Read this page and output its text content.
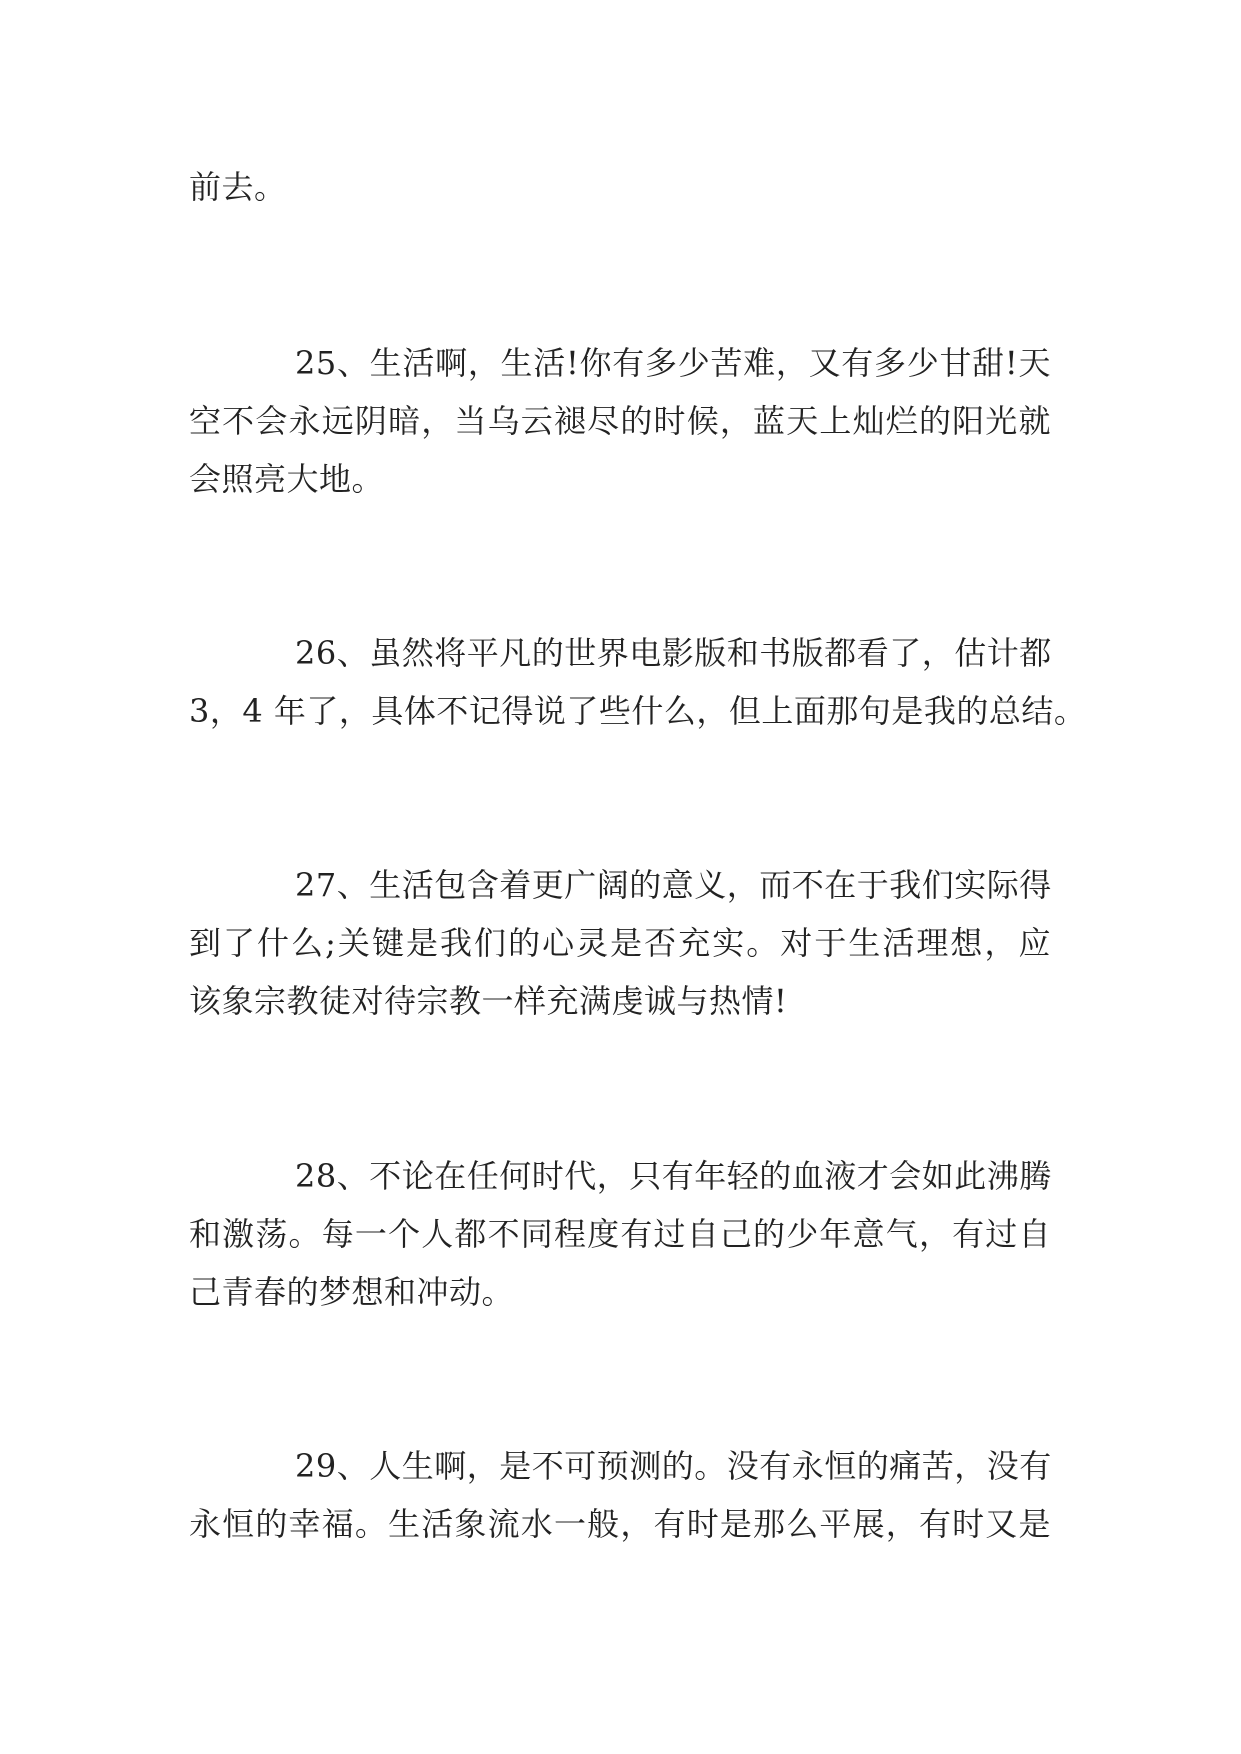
前去。
25、生活啊，生活!你有多少苦难，又有多少甘甜!天
空不会永远阴暗，当乌云褪尽的时候，蓝天上灿烂的阳光就
会照亮大地。
26、虽然将平凡的世界电影版和书版都看了，估计都
3，4 年了，具体不记得说了些什么，但上面那句是我的总结。
27、生活包含着更广阔的意义，而不在于我们实际得
到了什么;关键是我们的心灵是否充实。对于生活理想，应
该象宗教徒对待宗教一样充满虔诚与热情!
28、不论在任何时代，只有年轻的血液才会如此沸腾
和激荡。每一个人都不同程度有过自己的少年意气，有过自
己青春的梦想和冲动。
29、人生啊，是不可预测的。没有永恒的痛苦，没有
永恒的幸福。生活象流水一般，有时是那么平展，有时又是
